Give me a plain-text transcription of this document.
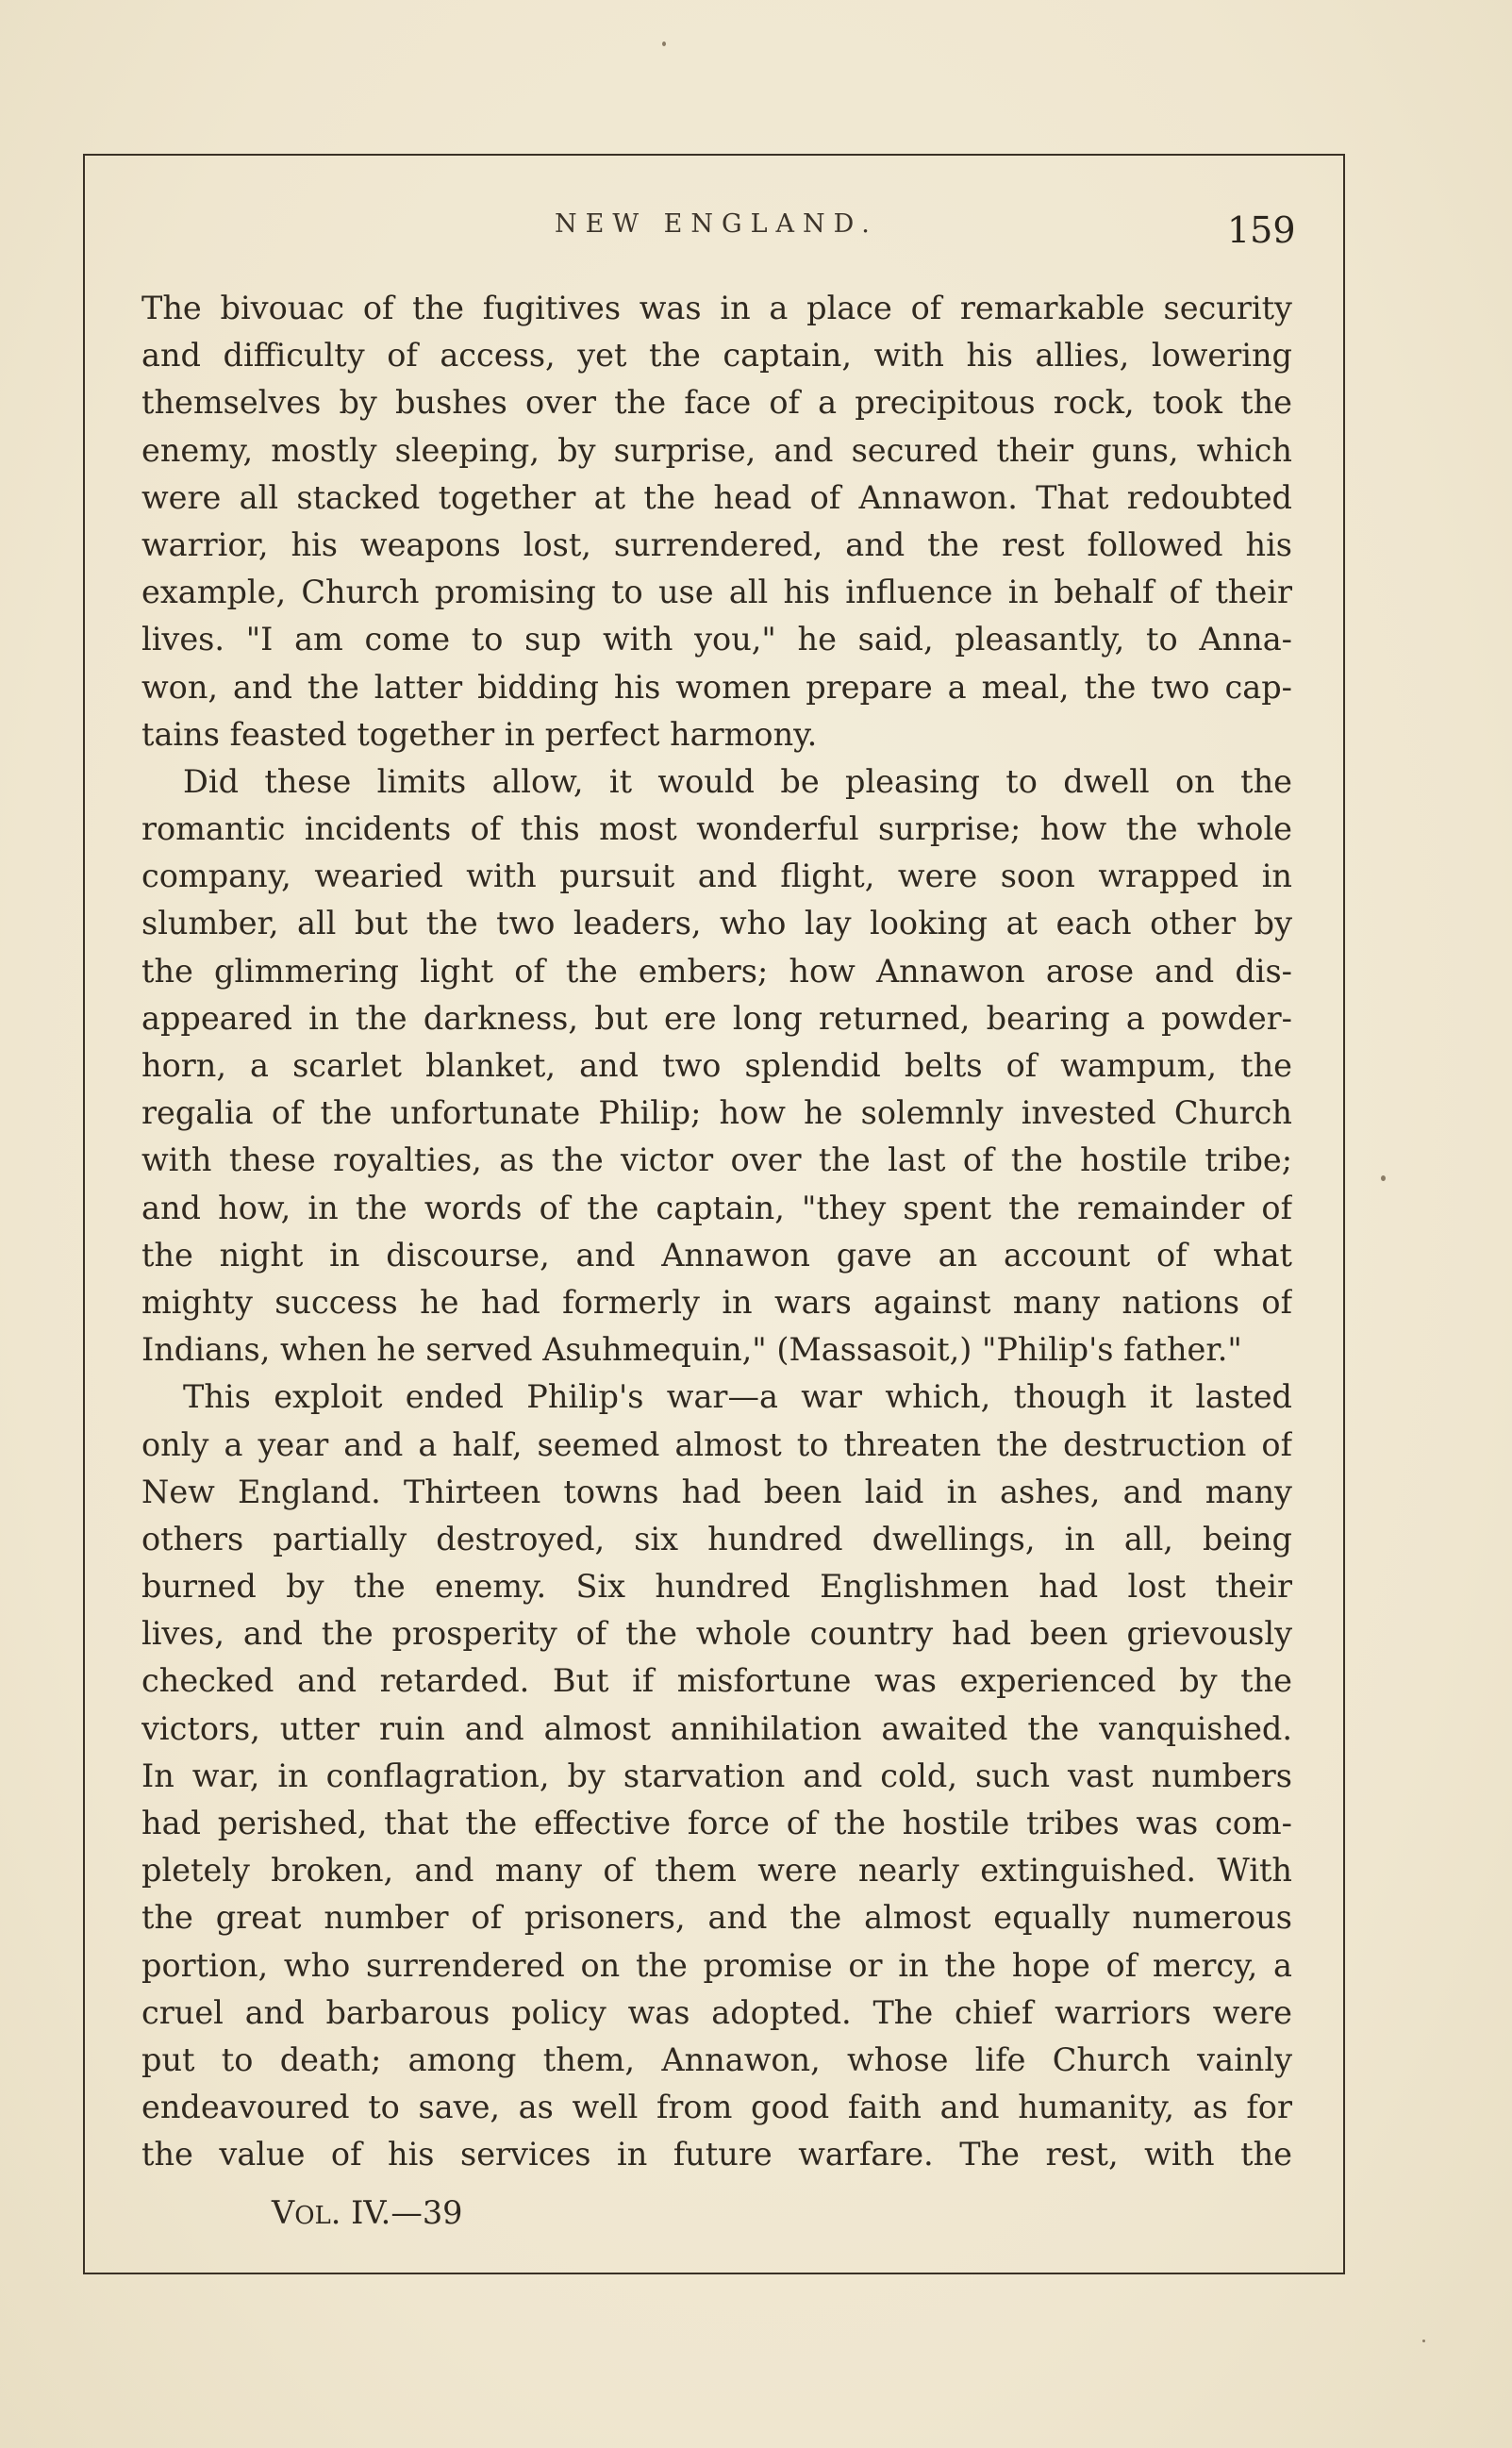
NEW ENGLAND.	159
The bivouac of the fugitives was in a place of remarkable security
and difficulty of access, yet the captain, with his allies, lowering
themselves by bushes over the face of a precipitous rock, took the
enemy, mostly sleeping, by surprise, and secured their guns, which
were all stacked together at the head of Annawon. That redoubted
warrior, his weapons lost, surrendered, and the rest followed his
example, Church promising to use all his influence in behalf of their
lives. "I am come to sup with you," he said, pleasantly, to Anna-
won, and the latter bidding his women prepare a meal, the two cap-
tains feasted together in perfect harmony.
Did these limits allow, it would be pleasing to dwell on the
romantic incidents of this most wonderful surprise; how the whole
company, wearied with pursuit and flight, were soon wrapped in
slumber, all but the two leaders, who lay looking at each other by
the glimmering light of the embers; how Annawon arose and dis-
appeared in the darkness, but ere long returned, bearing a powder-
horn, a scarlet blanket, and two splendid belts of wampum, the
regalia of the unfortunate Philip; how he solemnly invested Church
with these royalties, as the victor over the last of the hostile tribe;
and how, in the words of the captain, "they spent the remainder of
the night in discourse, and Annawon gave an account of what
mighty success he had formerly in wars against many nations of
Indians, when he served Asuhmequin," (Massasoit,) "Philip's father."
This exploit ended Philip's war—a war which, though it lasted
only a year and a half, seemed almost to threaten the destruction of
New England. Thirteen towns had been laid in ashes, and many
others partially destroyed, six hundred dwellings, in all, being
burned by the enemy. Six hundred Englishmen had lost their
lives, and the prosperity of the whole country had been grievously
checked and retarded. But if misfortune was experienced by the
victors, utter ruin and almost annihilation awaited the vanquished.
In war, in conflagration, by starvation and cold, such vast numbers
had perished, that the effective force of the hostile tribes was com-
pletely broken, and many of them were nearly extinguished. With
the great number of prisoners, and the almost equally numerous
portion, who surrendered on the promise or in the hope of mercy, a
cruel and barbarous policy was adopted. The chief warriors were
put to death; among them, Annawon, whose life Church vainly
endeavoured to save, as well from good faith and humanity, as for
the value of his services in future warfare. The rest, with the
VOL. IV.—39
